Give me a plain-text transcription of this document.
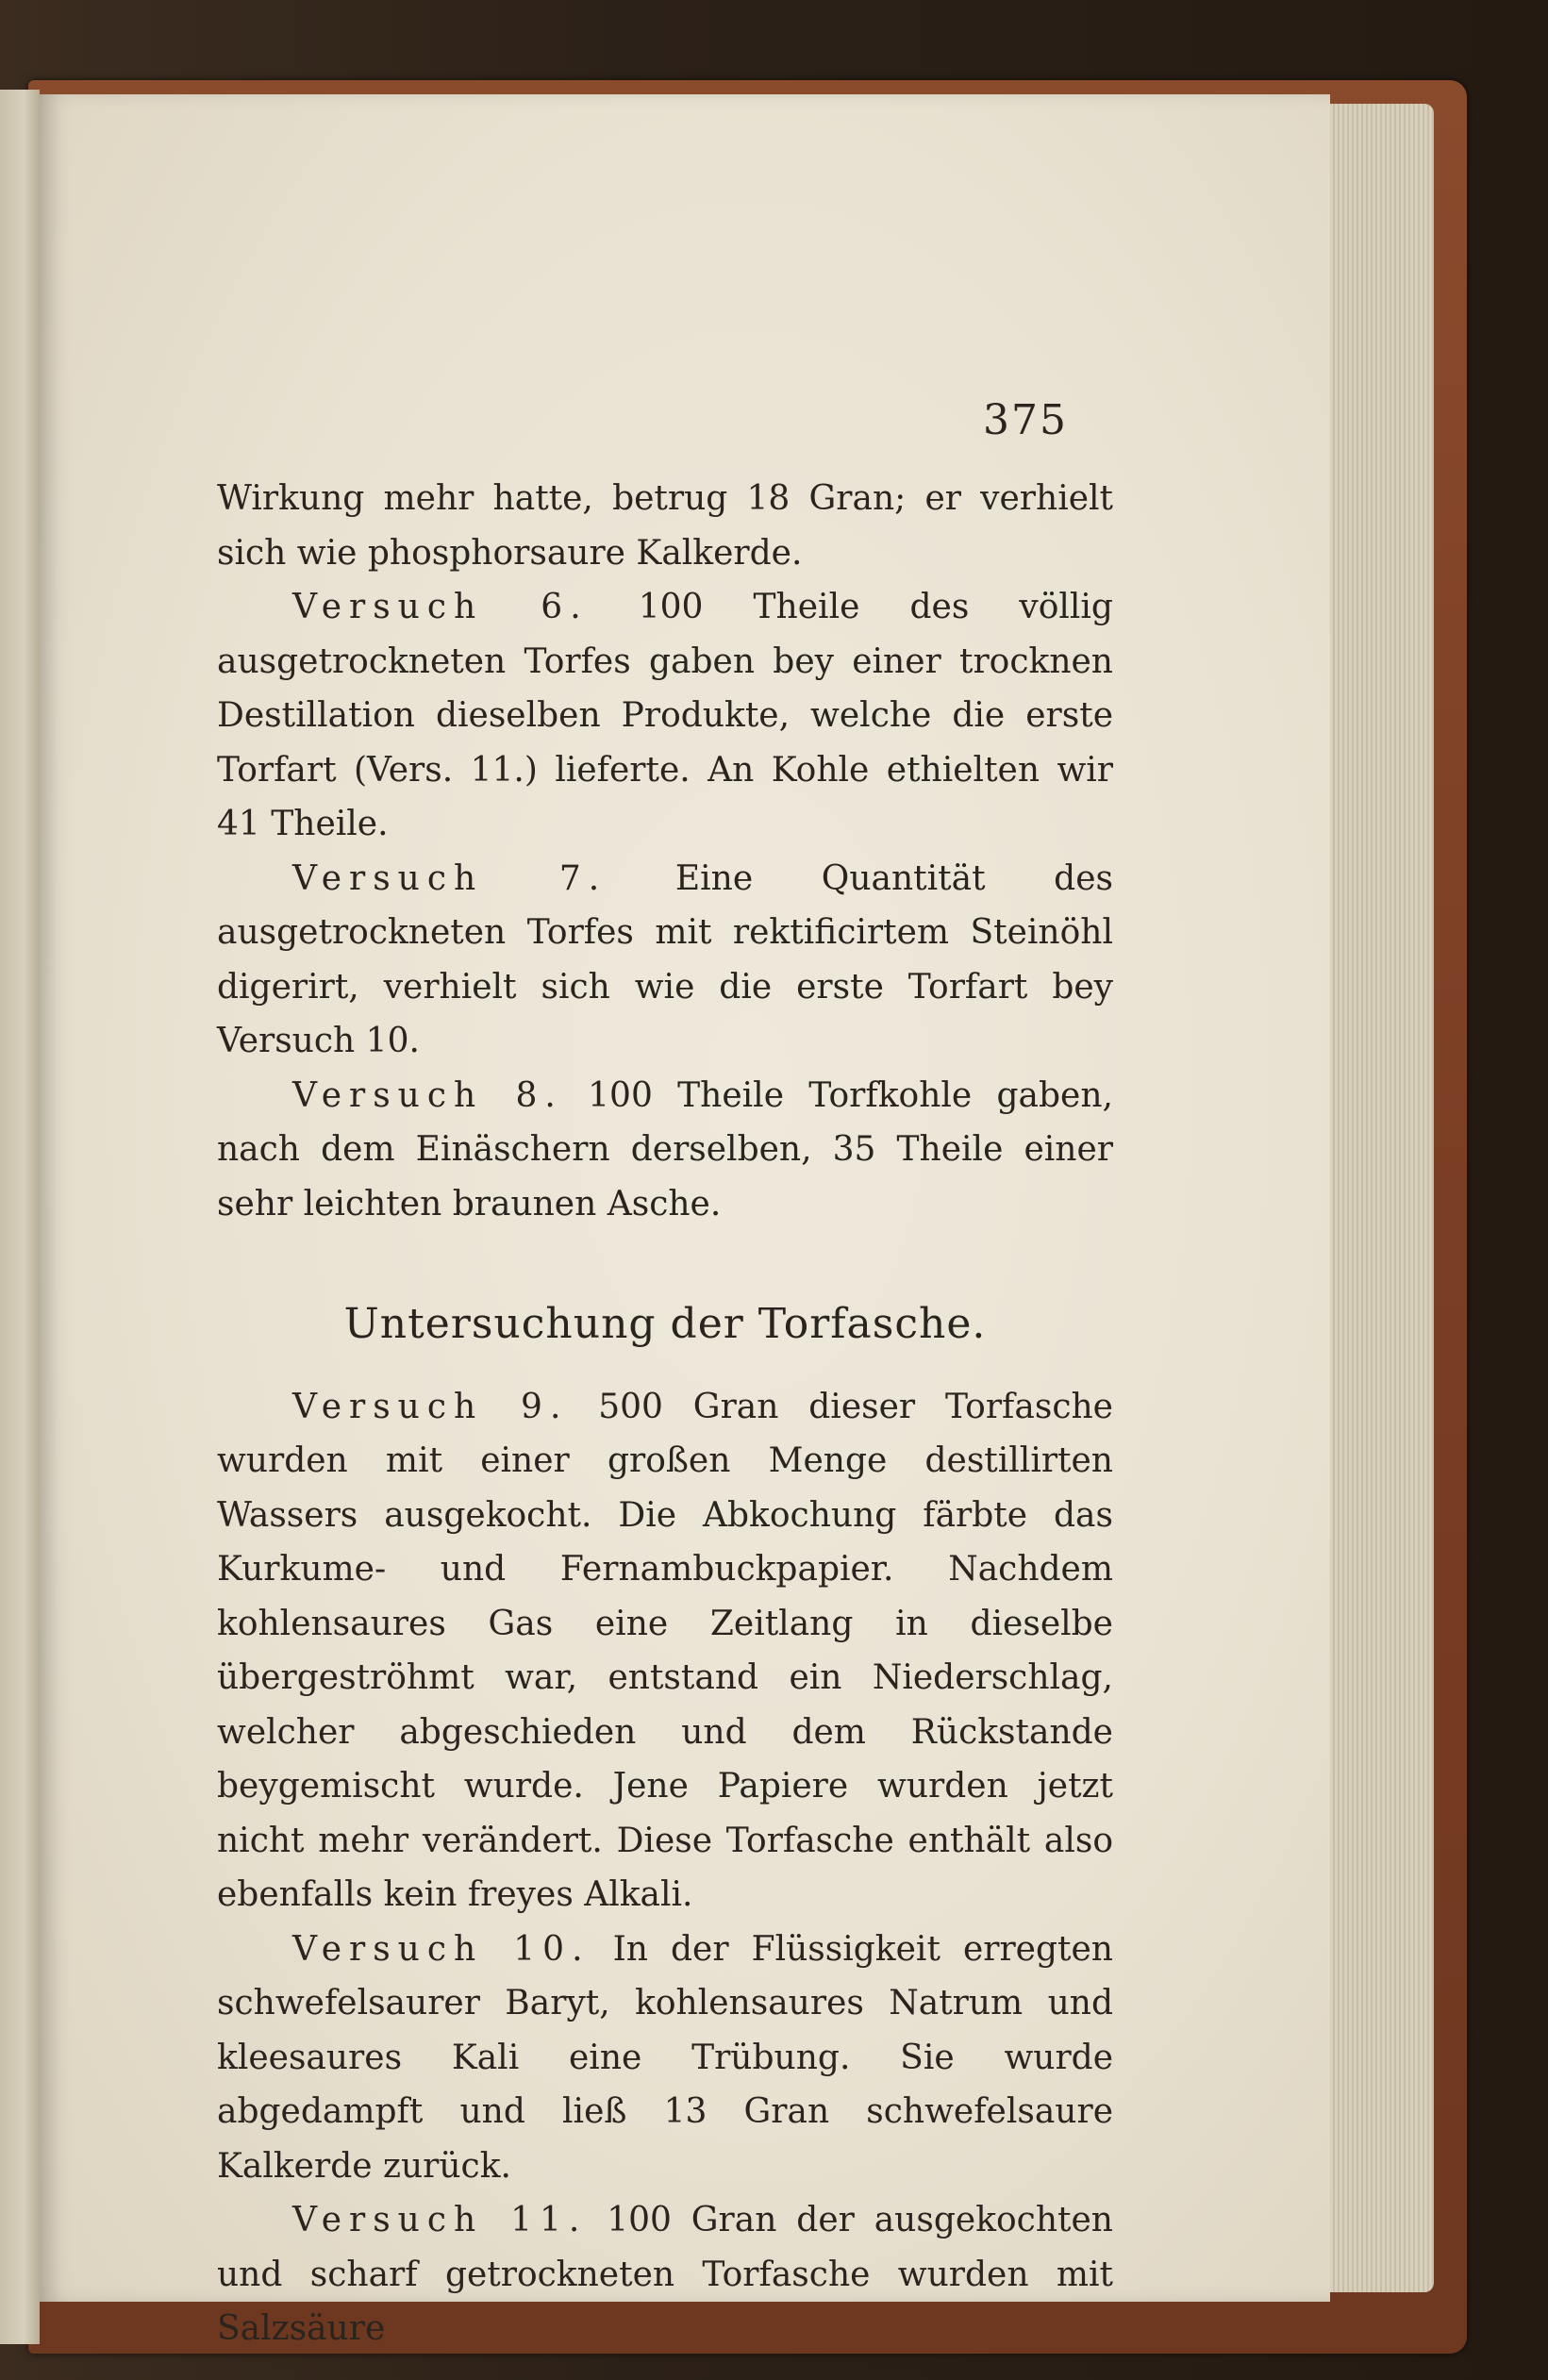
375

Wirkung mehr hatte, betrug 18 Gran; er verhielt sich wie phosphorsaure Kalkerde.

Versuch 6. 100 Theile des völlig ausgetrockneten Torfes gaben bey einer trocknen Destillation dieselben Produkte, welche die erste Torfart (Vers. 11.) lieferte. An Kohle ethielten wir 41 Theile.

Versuch 7. Eine Quantität des ausgetrockneten Torfes mit rektificirtem Steinöhl digerirt, verhielt sich wie die erste Torfart bey Versuch 10.

Versuch 8. 100 Theile Torfkohle gaben, nach dem Einäschern derselben, 35 Theile einer sehr leichten braunen Asche.

Untersuchung der Torfasche.

Versuch 9. 500 Gran dieser Torfasche wurden mit einer großen Menge destillirten Wassers ausgekocht. Die Abkochung färbte das Kurkume- und Fernambuckpapier. Nachdem kohlensaures Gas eine Zeitlang in dieselbe übergeströhmt war, entstand ein Niederschlag, welcher abgeschieden und dem Rückstande beygemischt wurde. Jene Papiere wurden jetzt nicht mehr verändert. Diese Torfasche enthält also ebenfalls kein freyes Alkali.

Versuch 10. In der Flüssigkeit erregten schwefelsaurer Baryt, kohlensaures Natrum und kleesaures Kali eine Trübung. Sie wurde abgedampft und ließ 13 Gran schwefelsaure Kalkerde zurück.

Versuch 11. 100 Gran der ausgekochten und scharf getrockneten Torfasche wurden mit Salzsäure
